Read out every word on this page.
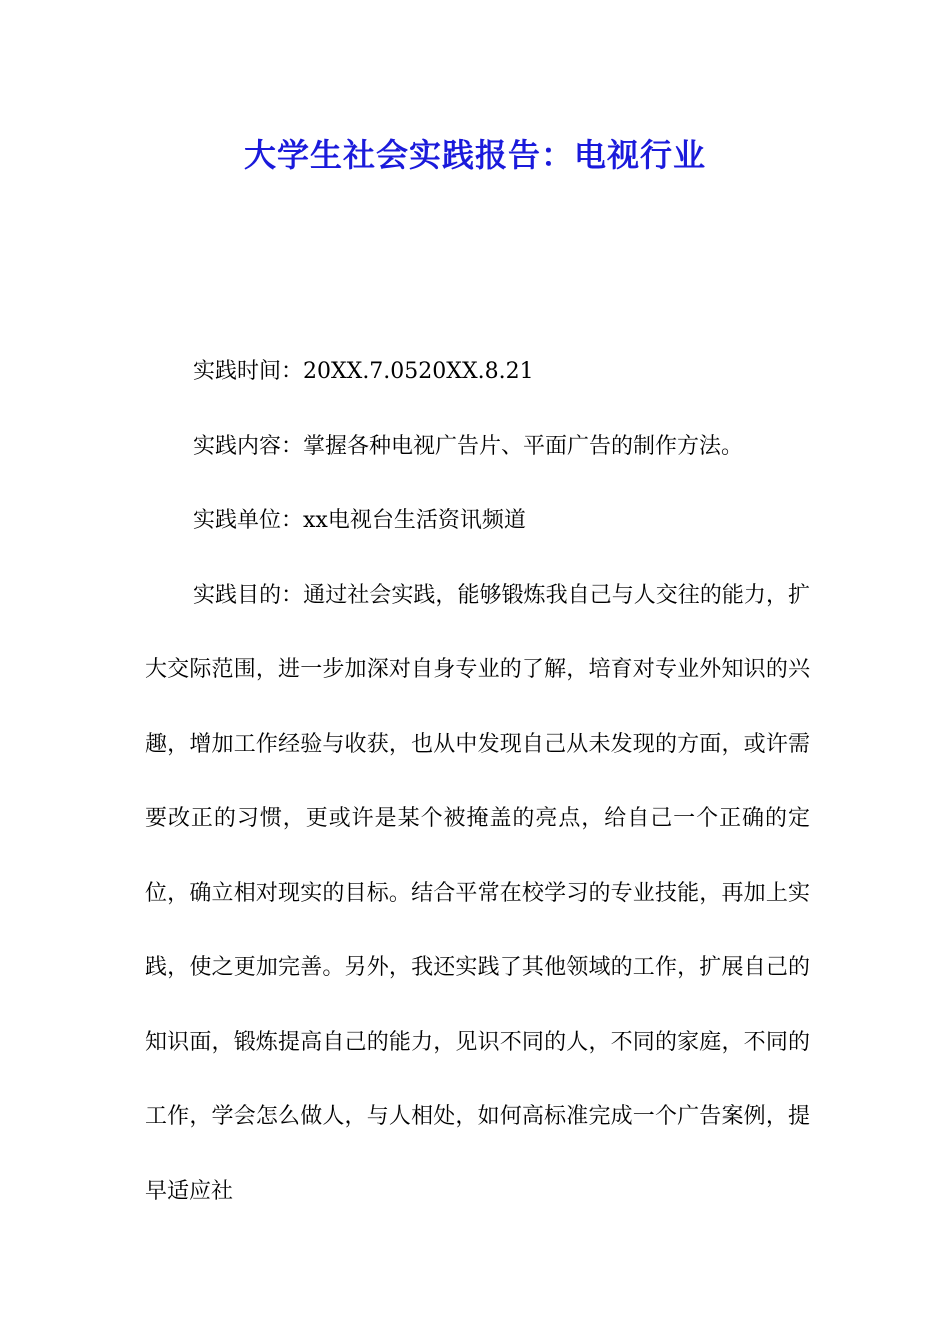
大学生社会实践报告：电视行业

实践时间：20XX.7.0520XX.8.21

实践内容：掌握各种电视广告片、平面广告的制作方法。

实践单位：xx电视台生活资讯频道

实践目的：通过社会实践，能够锻炼我自己与人交往的能力，扩大交际范围，进一步加深对自身专业的了解，培育对专业外知识的兴趣，增加工作经验与收获，也从中发现自己从未发现的方面，或许需要改正的习惯，更或许是某个被掩盖的亮点，给自己一个正确的定位，确立相对现实的目标。结合平常在校学习的专业技能，再加上实践，使之更加完善。另外，我还实践了其他领域的工作，扩展自己的知识面，锻炼提高自己的能力，见识不同的人，不同的家庭，不同的工作，学会怎么做人，与人相处，如何高标准完成一个广告案例，提早适应社
